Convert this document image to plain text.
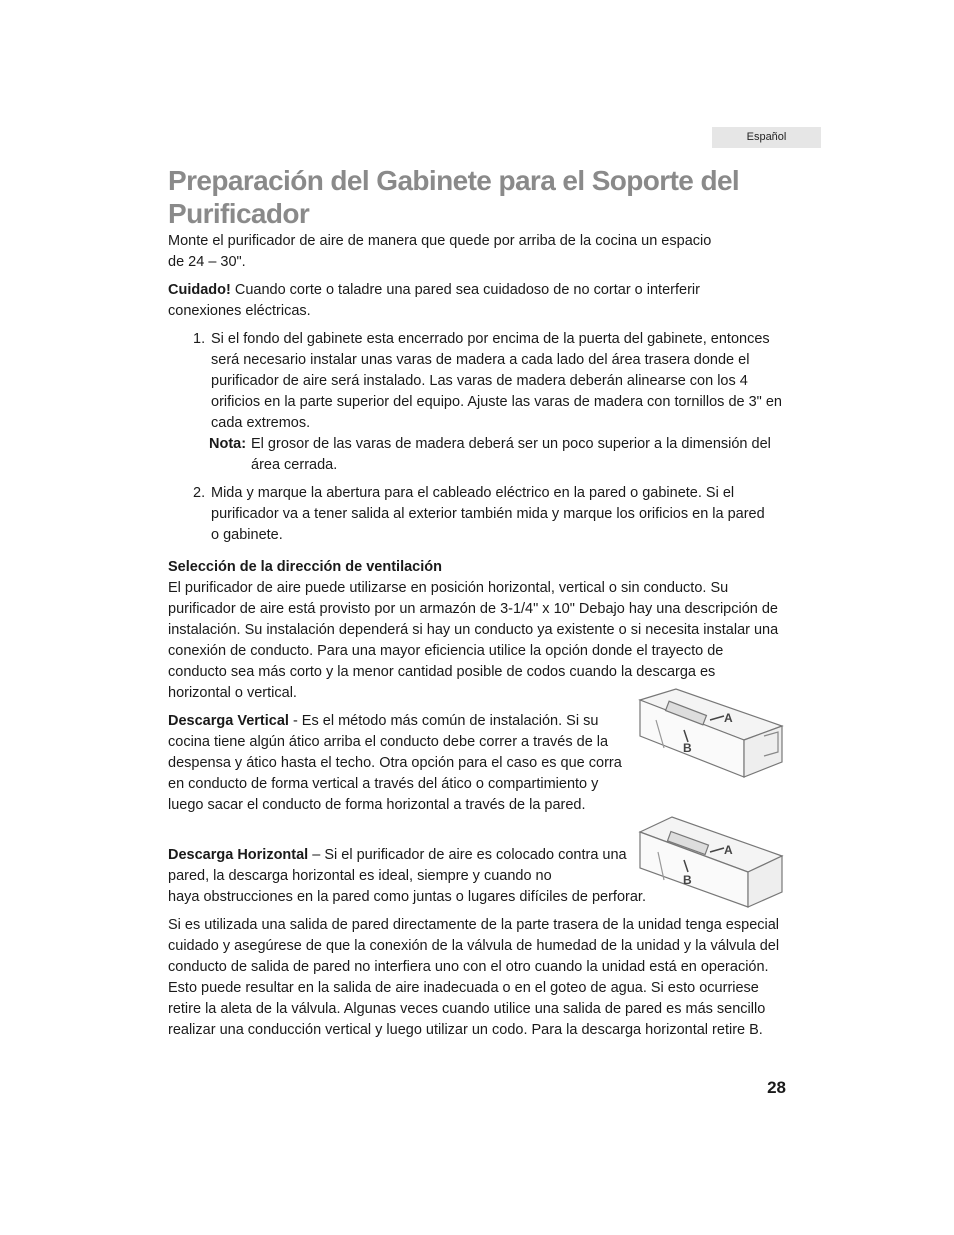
Español
Preparación del Gabinete para el Soporte del Purificador

Monte el purificador de aire de manera que quede por arriba de la cocina un espacio de 24 – 30".

Cuidado! Cuando corte o taladre una pared sea cuidadoso de no cortar o interferir conexiones eléctricas.

1. Si el fondo del gabinete esta encerrado por encima de la puerta del gabinete, entonces será necesario instalar unas varas de madera a cada lado del área trasera donde el purificador de aire será instalado. Las varas de madera deberán alinearse con los 4 orificios en la parte superior del equipo. Ajuste las varas de madera con tornillos de 3" en cada extremos.
Nota: El grosor de las varas de madera deberá ser un poco superior a la dimensión del área cerrada.
2. Mida y marque la abertura para el cableado eléctrico en la pared o gabinete. Si el purificador va a tener salida al exterior también mida y marque los orificios en la pared o gabinete.

Selección de la dirección de ventilación

El purificador de aire puede utilizarse en posición horizontal, vertical o sin conducto. Su purificador de aire está provisto por un armazón de 3-1/4" x 10" Debajo hay una descripción de instalación. Su instalación dependerá si hay un conducto ya existente o si necesita instalar una conexión de conducto. Para una mayor eficiencia utilice la opción donde el trayecto de conducto sea más corto y la menor cantidad posible de codos cuando la descarga es horizontal o vertical.

Descarga Vertical - Es el método más común de instalación. Si su cocina tiene algún ático arriba el conducto debe correr a través de la despensa y ático hasta el techo. Otra opción para el caso es que corra en conducto de forma vertical a través del ático o compartimiento y luego sacar el conducto de forma horizontal a través de la pared.

Descarga Horizontal – Si el purificador de aire es colocado contra una pared, la descarga horizontal es ideal, siempre y cuando no

haya obstrucciones en la pared como juntas o lugares difíciles de perforar.

Si es utilizada una salida de pared directamente de la parte trasera de la unidad tenga especial cuidado y asegúrese de que la conexión de la válvula de humedad de la unidad y la válvula del conducto de salida de pared no interfiera uno con el otro cuando la unidad está en operación. Esto puede resultar en la salida de aire inadecuada o en el goteo de agua. Si esto ocurriese retire la aleta de la válvula. Algunas veces cuando utilice una salida de pared es más sencillo realizar una conducción vertical y luego utilizar un codo. Para la descarga horizontal retire B.

A
B
A
B
28
